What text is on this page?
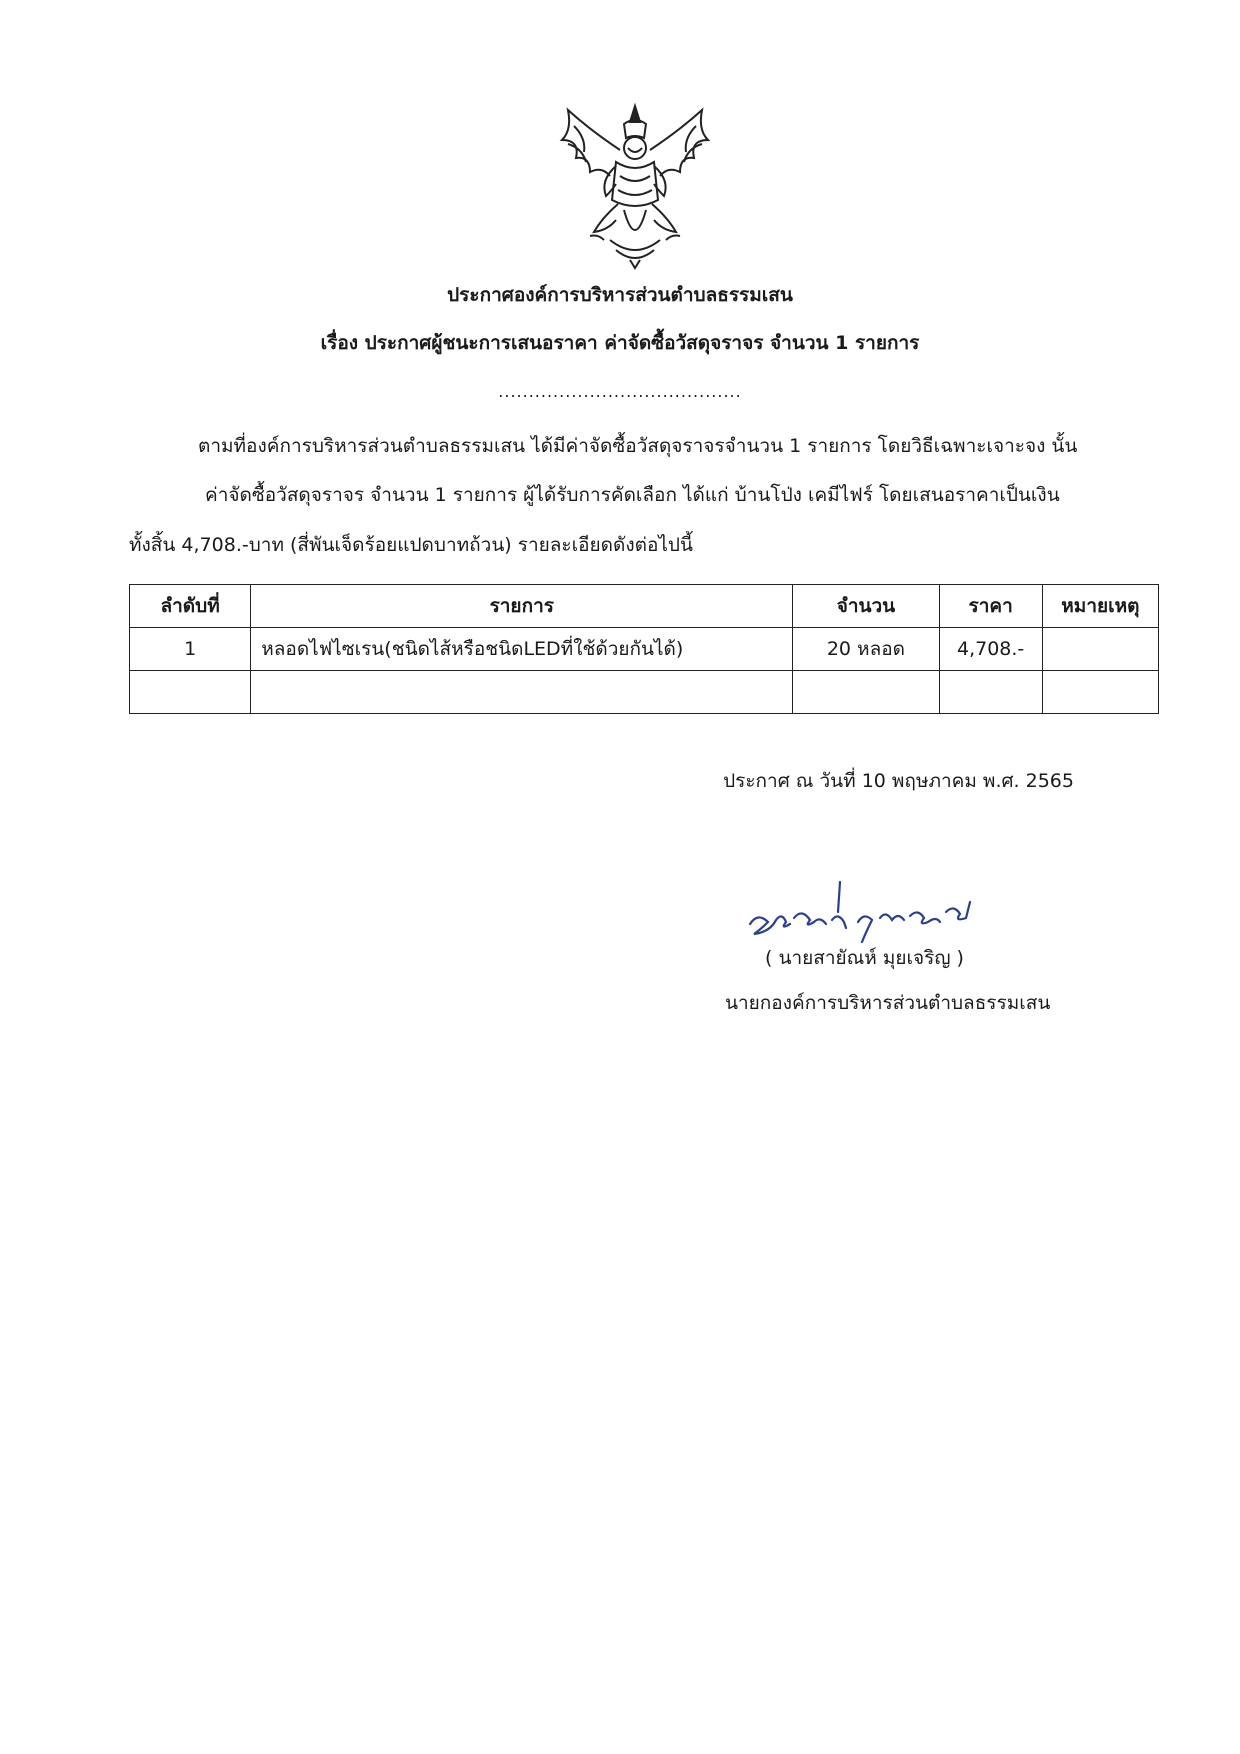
ประกาศองค์การบริหารส่วนตำบลธรรมเสน
เรื่อง ประกาศผู้ชนะการเสนอราคา ค่าจัดซื้อวัสดุจราจร จำนวน 1 รายการ
........................................
ตามที่องค์การบริหารส่วนตำบลธรรมเสน ได้มีค่าจัดซื้อวัสดุจราจรจำนวน 1 รายการ โดยวิธีเฉพาะเจาะจง นั้น
ค่าจัดซื้อวัสดุจราจร จำนวน 1 รายการ ผู้ได้รับการคัดเลือก ได้แก่ บ้านโป่ง เคมีไฟร์ โดยเสนอราคาเป็นเงิน
ทั้งสิ้น 4,708.-บาท (สี่พันเจ็ดร้อยแปดบาทถ้วน) รายละเอียดดังต่อไปนี้
ลำดับที่	รายการ	จำนวน	ราคา	หมายเหตุ
1	หลอดไฟไซเรน(ชนิดไส้หรือชนิดLEDที่ใช้ด้วยกันได้)	20 หลอด	4,708.-	

ประกาศ ณ วันที่ 10 พฤษภาคม พ.ศ. 2565
( นายสายัณห์ มุยเจริญ )
นายกองค์การบริหารส่วนตำบลธรรมเสน
